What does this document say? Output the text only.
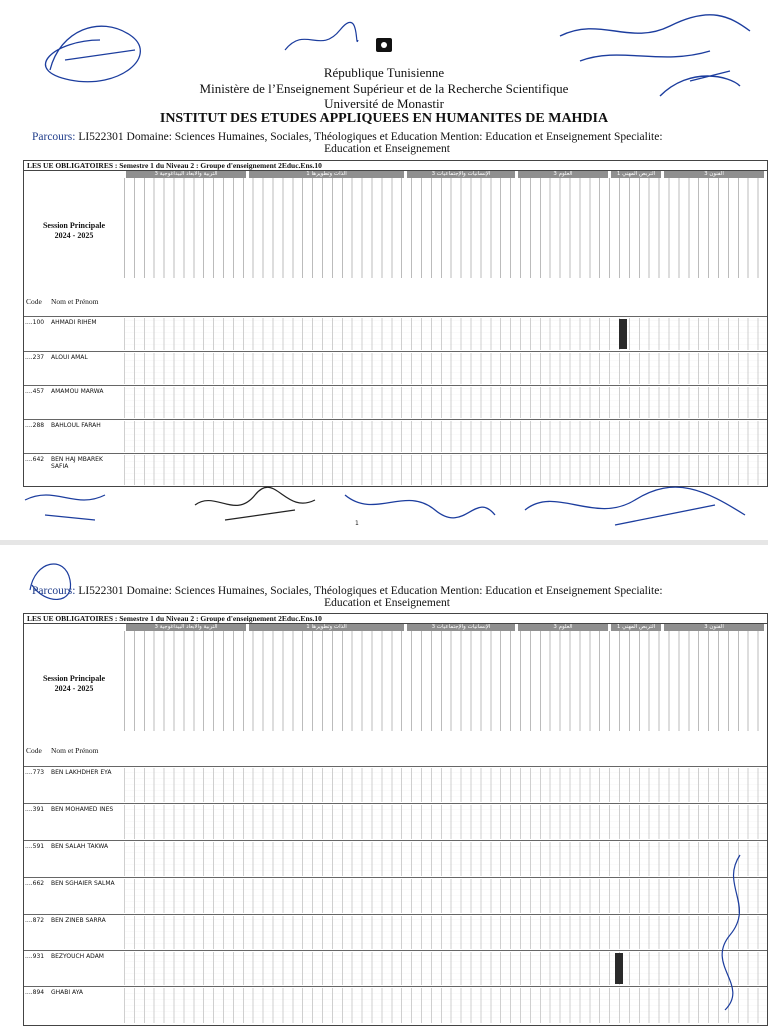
République Tunisienne
Ministère de l’Enseignement Supérieur et de la Recherche Scientifique
Université de Monastir
INSTITUT DES ETUDES APPLIQUEES EN HUMANITES DE MAHDIA
Parcours: LI522301 Domaine: Sciences Humaines, Sociales, Théologiques et Education Mention: Education et Enseignement Specialite:
Education et Enseignement
LES UE OBLIGATOIRES : Semestre 1 du Niveau 2 : Groupe d'enseignement 2Educ.Ens.10
التربية والأبعاد البيداغوجية 3	الذات وتطويرها 1	الإنسانيات والإجتماعيات 3	العلوم 3	التربص المهني 1	الفنون 3
Session Principale
2024 - 2025
Code Nom et Prénom
....100	AHMADI RIHEM
....237	ALOUI AMAL
....457	AMAMOU MARWA
....288	BAHLOUL FARAH
....642	BEN HAJ MBAREK SAFIA
1
Parcours: LI522301 Domaine: Sciences Humaines, Sociales, Théologiques et Education Mention: Education et Enseignement Specialite:
Education et Enseignement
LES UE OBLIGATOIRES : Semestre 1 du Niveau 2 : Groupe d'enseignement 2Educ.Ens.10
التربية والأبعاد البيداغوجية 3	الذات وتطويرها 1	الإنسانيات والإجتماعيات 3	العلوم 3	التربص المهني 1	الفنون 3
Session Principale
2024 - 2025
Code Nom et Prénom
....773	BEN LAKHDHER EYA
....391	BEN MOHAMED INES
....591	BEN SALAH TAKWA
....662	BEN SGHAIER SALMA
....872	BEN ZINEB SARRA
....931	BEZYOUCH ADAM
....894	GHABI AYA
